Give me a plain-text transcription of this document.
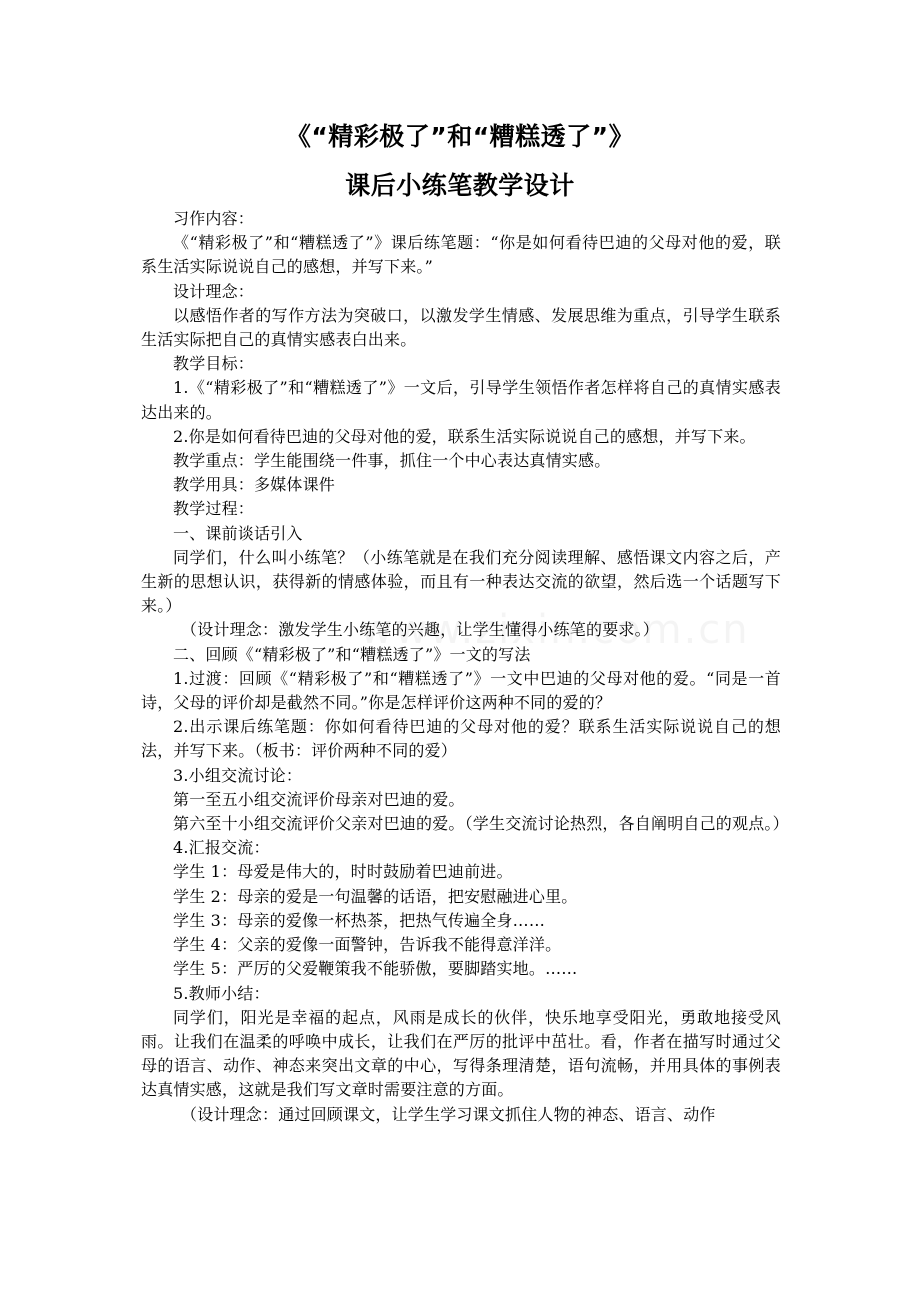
《“精彩极了”和“糟糕透了”》
课后小练笔教学设计

习作内容：

《“精彩极了”和“糟糕透了”》课后练笔题：“你是如何看待巴迪的父母对他的爱，联系生活实际说说自己的感想，并写下来。”

设计理念：

以感悟作者的写作方法为突破口，以激发学生情感、发展思维为重点，引导学生联系生活实际把自己的真情实感表白出来。

教学目标：

1.《“精彩极了”和“糟糕透了”》一文后，引导学生领悟作者怎样将自己的真情实感表达出来的。

2.你是如何看待巴迪的父母对他的爱，联系生活实际说说自己的感想，并写下来。

教学重点：学生能围绕一件事，抓住一个中心表达真情实感。

教学用具：多媒体课件

教学过程：

一、课前谈话引入

同学们，什么叫小练笔？（小练笔就是在我们充分阅读理解、感悟课文内容之后，产生新的思想认识，获得新的情感体验，而且有一种表达交流的欲望，然后选一个话题写下来。）

（设计理念：激发学生小练笔的兴趣，让学生懂得小练笔的要求。）

二、回顾《“精彩极了”和“糟糕透了”》一文的写法

1.过渡：回顾《“精彩极了”和“糟糕透了”》一文中巴迪的父母对他的爱。“同是一首诗，父母的评价却是截然不同。”你是怎样评价这两种不同的爱的？

2.出示课后练笔题：你如何看待巴迪的父母对他的爱？联系生活实际说说自己的想法，并写下来。（板书：评价两种不同的爱）

3.小组交流讨论：

第一至五小组交流评价母亲对巴迪的爱。

第六至十小组交流评价父亲对巴迪的爱。（学生交流讨论热烈，各自阐明自己的观点。）

4.汇报交流：

学生 1：母爱是伟大的，时时鼓励着巴迪前进。

学生 2：母亲的爱是一句温馨的话语，把安慰融进心里。

学生 3：母亲的爱像一杯热茶，把热气传遍全身……

学生 4：父亲的爱像一面警钟，告诉我不能得意洋洋。

学生 5：严厉的父爱鞭策我不能骄傲，要脚踏实地。……

5.教师小结：

同学们，阳光是幸福的起点，风雨是成长的伙伴，快乐地享受阳光，勇敢地接受风雨。让我们在温柔的呼唤中成长，让我们在严厉的批评中茁壮。看，作者在描写时通过父母的语言、动作、神态来突出文章的中心，写得条理清楚，语句流畅，并用具体的事例表达真情实感，这就是我们写文章时需要注意的方面。

（设计理念：通过回顾课文，让学生学习课文抓住人物的神态、语言、动作
